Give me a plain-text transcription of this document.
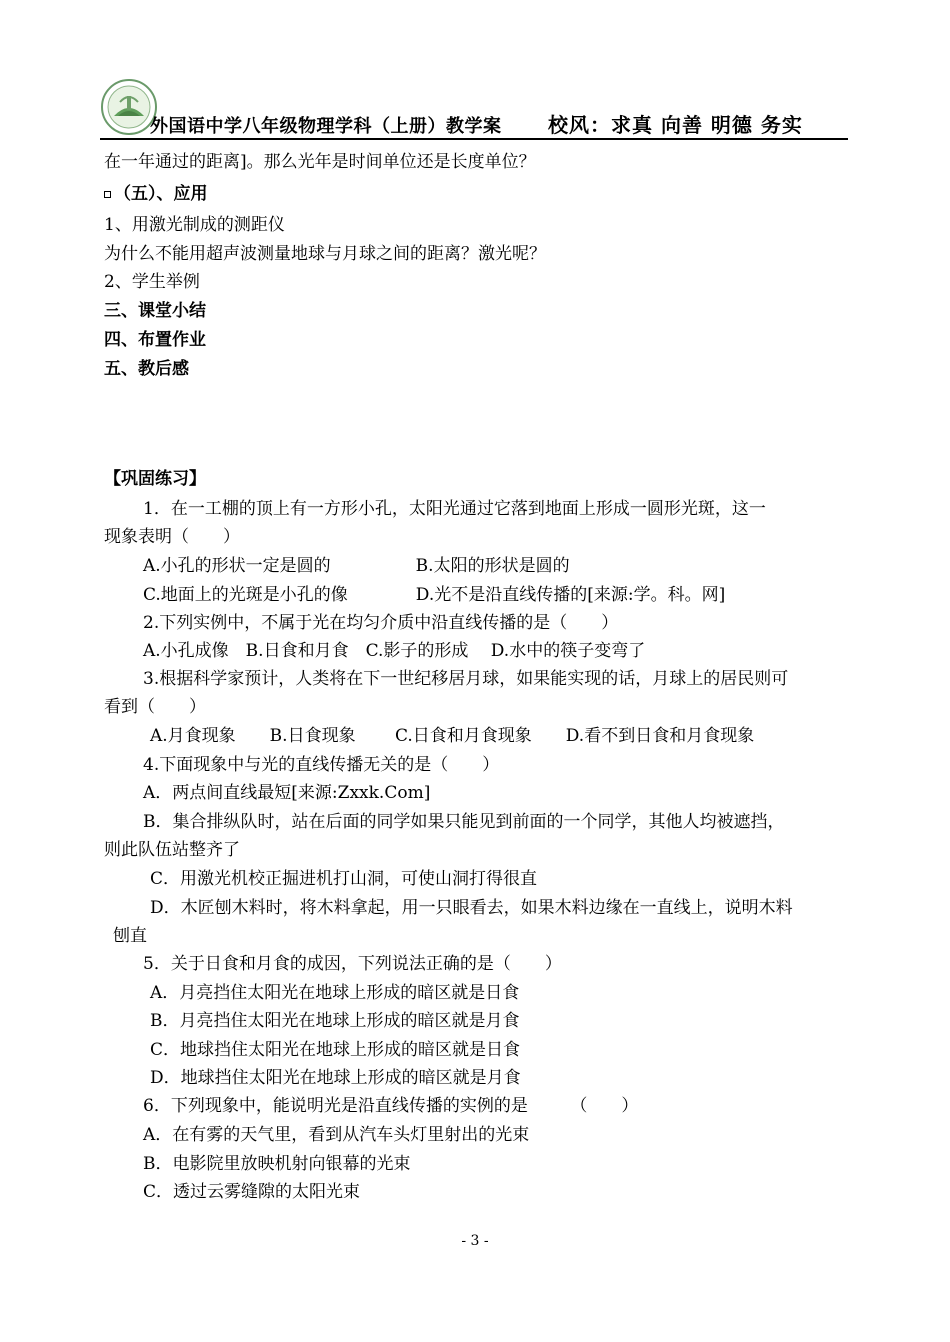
外国语中学八年级物理学科（上册）教学案 校风：求真 向善 明德 务实
在一年通过的距离]。那么光年是时间单位还是长度单位？
（五）、应用
1、用激光制成的测距仪
为什么不能用超声波测量地球与月球之间的距离？激光呢？
2、学生举例
三、课堂小结
四、布置作业
五、教后感
【巩固练习】
1．在一工棚的顶上有一方形小孔，太阳光通过它落到地面上形成一圆形光斑，这一
现象表明（　　）
A.小孔的形状一定是圆的　　　　　B.太阳的形状是圆的
C.地面上的光斑是小孔的像　　　　D.光不是沿直线传播的[来源:学。科。网]
2.下列实例中，不属于光在均匀介质中沿直线传播的是（　　）
A.小孔成像　B.日食和月食　C.影子的形成　 D.水中的筷子变弯了
3.根据科学家预计，人类将在下一世纪移居月球，如果能实现的话，月球上的居民则可
看到（　　）
A.月食现象　　B.日食现象　　 C.日食和月食现象　　D.看不到日食和月食现象
4.下面现象中与光的直线传播无关的是（　　）
A．两点间直线最短[来源:Zxxk.Com]
B．集合排纵队时，站在后面的同学如果只能见到前面的一个同学，其他人均被遮挡，
则此队伍站整齐了
C．用激光机校正掘进机打山洞，可使山洞打得很直
D．木匠刨木料时，将木料拿起，用一只眼看去，如果木料边缘在一直线上，说明木料
刨直
5．关于日食和月食的成因，下列说法正确的是（　　）
A．月亮挡住太阳光在地球上形成的暗区就是日食
B．月亮挡住太阳光在地球上形成的暗区就是月食
C．地球挡住太阳光在地球上形成的暗区就是日食
D．地球挡住太阳光在地球上形成的暗区就是月食
6．下列现象中，能说明光是沿直线传播的实例的是　　　（　　）
A．在有雾的天气里，看到从汽车头灯里射出的光束
B．电影院里放映机射向银幕的光束
C．透过云雾缝隙的太阳光束
- 3 -
